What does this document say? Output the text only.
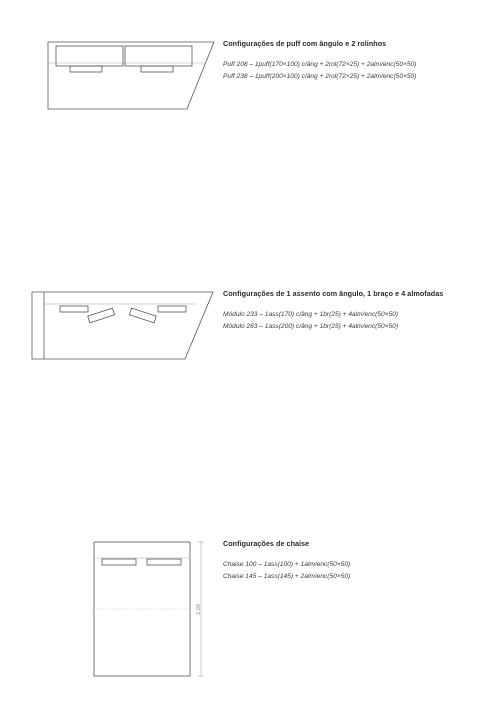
Configurações de puff com ângulo e 2 rolinhos

Puff 208 – 1puff(170×100) c/âng + 2rol(72×25) + 2alm/enc(50×50)

Puff 238 – 1puff(200×100) c/âng + 2rol(72×25) + 2alm/enc(50×50)

Configurações de 1 assento com ângulo, 1 braço e 4 almofadas

Módulo 233 – 1ass(170) c/âng + 1br(25) + 4alm/enc(50×50)

Módulo 263 – 1ass(200) c/âng + 1br(25) + 4alm/enc(50×50)

2,00

Configurações de chaise

Chaise 100 – 1ass(100) + 1alm/enc(50×50)

Chaise 145 – 1ass(145) + 2alm/enc(50×50)
